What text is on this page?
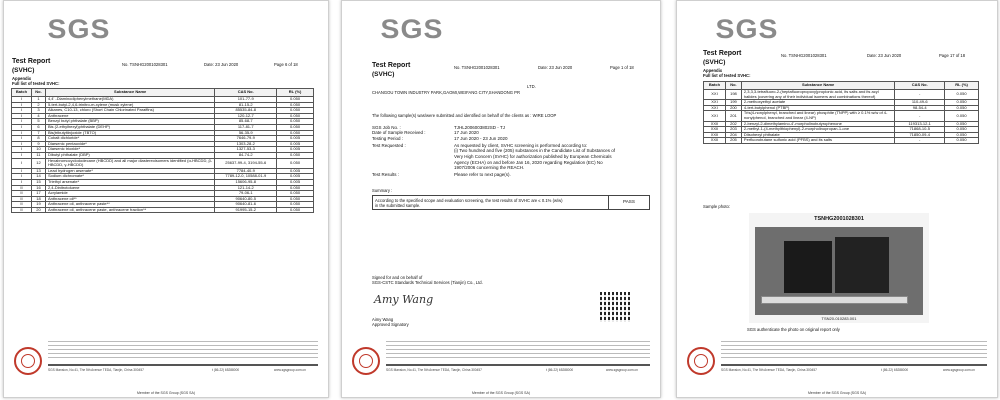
SGS
Test Report
(SVHC)
No. TSNHG2001028301	Date: 23 Jun 2020	Page 6 of 18
Appendix
Full list of tested SVHC:
Batch	No.	Substance Name	CAS No.	RL (%)
I	1	4,4' -Diaminodiphenylmethane(MDA)	101-77-9	0.050
I	2	5-tert-butyl-2,4,6-trinitro-m-xylene (musk xylene)	81-15-2	0.050
I	3	Alkanes, C10-13, chloro (Short Chain Chlorinated Paraffins)	85535-84-8	0.050
I	4	Anthracene	120-12-7	0.050
I	5	Benzyl butyl phthalate (BBP)	85-68-7	0.050
I	6	Bis (2-ethylhexyl)phthalate (DEHP)	117-81-7	0.050
I	7	Bis(tributyltin)oxide (TBTO)	56-35-9	0.050
I	8	Cobalt dichloride*	7646-79-9	0.005
I	9	Diarsenic pentaoxide*	1303-28-2	0.005
I	10	Diarsenic trioxide*	1327-53-3	0.005
I	11	Dibutyl phthalate (DBP)	84-74-2	0.050
I	12	Hexabromocyclododecane (HBCDD) and all major diastereoisomers identified (α-HBCDD, β-HBCDD, γ-HBCDD)	25637-99-4, 3194-55-6	0.050
I	13	Lead hydrogen arsenate*	7784-40-9	0.005
I	14	Sodium dichromate*	7789-12-0, 10588-01-9	0.005
I	15	Triethyl arsenate*	15606-95-8	0.005
II	16	2,4-Dinitrotoluene	121-14-2	0.050
II	17	Acrylamide	79-06-1	0.050
II	18	Anthracene oil**	90640-80-5	0.050
II	19	Anthracene oil, anthracene paste**	90640-81-6	0.050
II	20	Anthracene oil, anthracene paste, anthracene fraction**	91995-15-2	0.050
SGS Mansion, No.41, The 5th Avenue TEDA, Tianjin, China 300457	t (86-22) 65288000	www.sgsgroup.com.cn
Member of the SGS Group (SGS SA)
SGS
Test Report
(SVHC)
No. TSNHG2001028301	Date: 23 Jun 2020	Page 1 of 18
LTD.
CHANGOU TOWN INDUSTRY PARK,GAOMI,WEIFANG CITY,SHANDONG PR
The following sample(s) was/were submitted and identified on behalf of the clients as : WIRE LOOP
SGS Job No. :	TJHL2006003802SD - TJ
Date of Sample Received :	17 Jun 2020
Testing Period :	17 Jun 2020 - 23 Jun 2020
Test Requested :	As requested by client, SVHC screening is performed according to:
(i) Two hundred and five (205) substances in the Candidate List of Substances of
Very High Concern (SVHC) for authorization published by European Chemicals
Agency (ECHA) on and before Jan 16, 2020 regarding Regulation (EC) No
1907/2006 concerning the REACH.
Test Results :	Please refer to next page(s).
Summary :
According to the specified scope and evaluation screening, the test results of SVHC are ≤ 0.1% (w/w) in the submitted sample.
PASS
Signed for and on behalf of
SGS-CSTC Standards Technical Services (Tianjin) Co., Ltd.
Amy Wang
Aimy Wang
Approved Signatory
SGS Mansion, No.41, The 5th Avenue TEDA, Tianjin, China 300457	t (86-22) 65288000	www.sgsgroup.com.cn
Member of the SGS Group (SGS SA)
SGS
Test Report
(SVHC)
No. TSNHG2001028301	Date: 23 Jun 2020	Page 17 of 18
Appendix
Full list of tested SVHC:
Batch	No.	Substance Name	CAS No.	RL (%)
XXI	198	2,3,3,3-tetrafluoro-2-(heptafluoropropoxy)propionic acid, its salts and its acyl halides (covering any of their individual isomers and combinations thereof)	-	0.050
XXI	199	2-methoxyethyl acetate	110-49-6	0.050
XXI	200	4-tert-butylphenol (PTBP)	98-54-4	0.050
XXI	201	Tris(4-nonylphenyl, branched and linear) phosphite (TNPP) with ≥ 0.1% w/w of 4-nonylphenol, branched and linear (4-NP)	-	0.050
XXII	202	2-benzyl-2-dimethylamino-4'-morpholinobutyrophenone	119313-12-1	0.050
XXII	203	2-methyl-1-(4-methylthiophenyl)-2-morpholinopropan-1-one	71868-10-5	0.050
XXII	204	Diisohexyl phthalate	71850-09-4	0.050
XXII	205	Perfluorobutane sulfonic acid (PFBS) and its salts	-	0.050
Sample photo:
TSNHG2001028301
TSN20-010283.001
SGS authenticate the photo on original report only
SGS Mansion, No.41, The 5th Avenue TEDA, Tianjin, China 300457	t (86-22) 65288000	www.sgsgroup.com.cn
Member of the SGS Group (SGS SA)
